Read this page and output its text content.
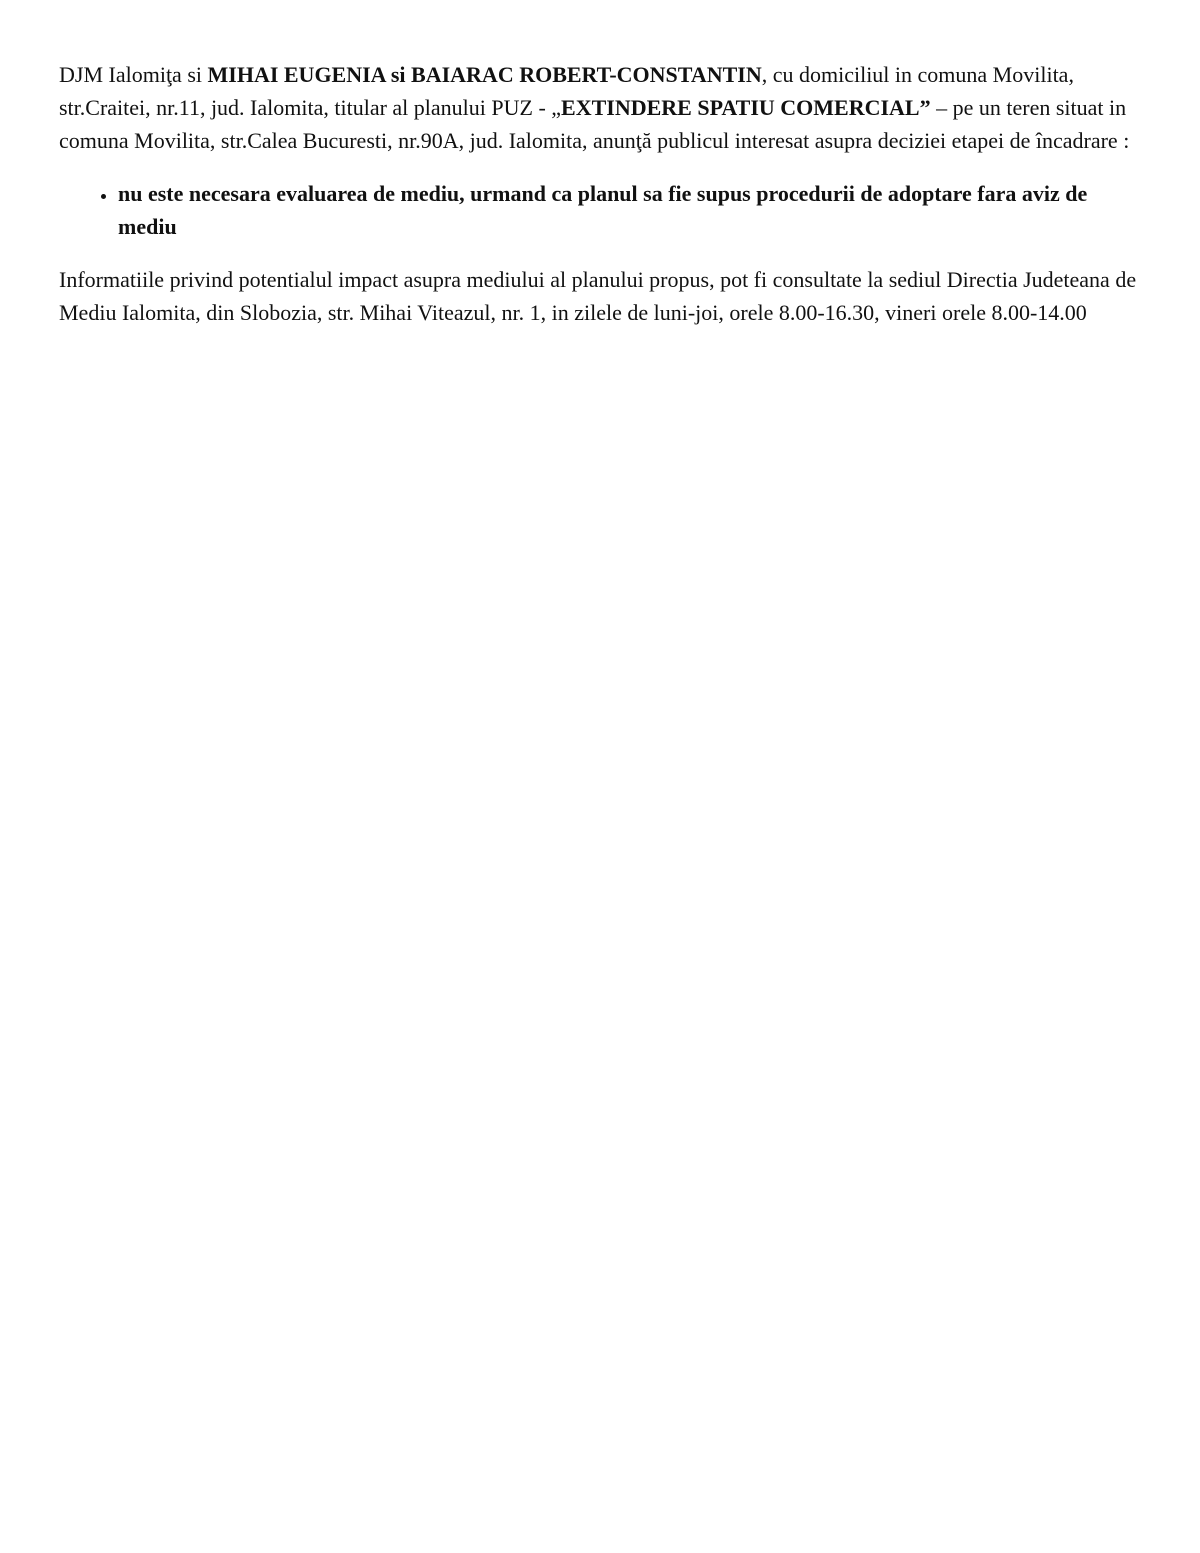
DJM Ialomiţa si MIHAI EUGENIA si BAIARAC ROBERT-CONSTANTIN, cu domiciliul in comuna Movilita, str.Craitei, nr.11, jud. Ialomita, titular al planului PUZ - „EXTINDERE SPATIU COMERCIAL” – pe un teren situat in comuna Movilita, str.Calea Bucuresti, nr.90A, jud. Ialomita, anunţă publicul interesat asupra deciziei etapei de încadrare :

• nu este necesara evaluarea de mediu, urmand ca planul sa fie supus procedurii de adoptare fara aviz de mediu

Informatiile privind potentialul impact asupra mediului al planului propus, pot fi consultate la sediul Directia Judeteana de Mediu Ialomita, din Slobozia, str. Mihai Viteazul, nr. 1, in zilele de luni-joi, orele 8.00-16.30, vineri orele 8.00-14.00
